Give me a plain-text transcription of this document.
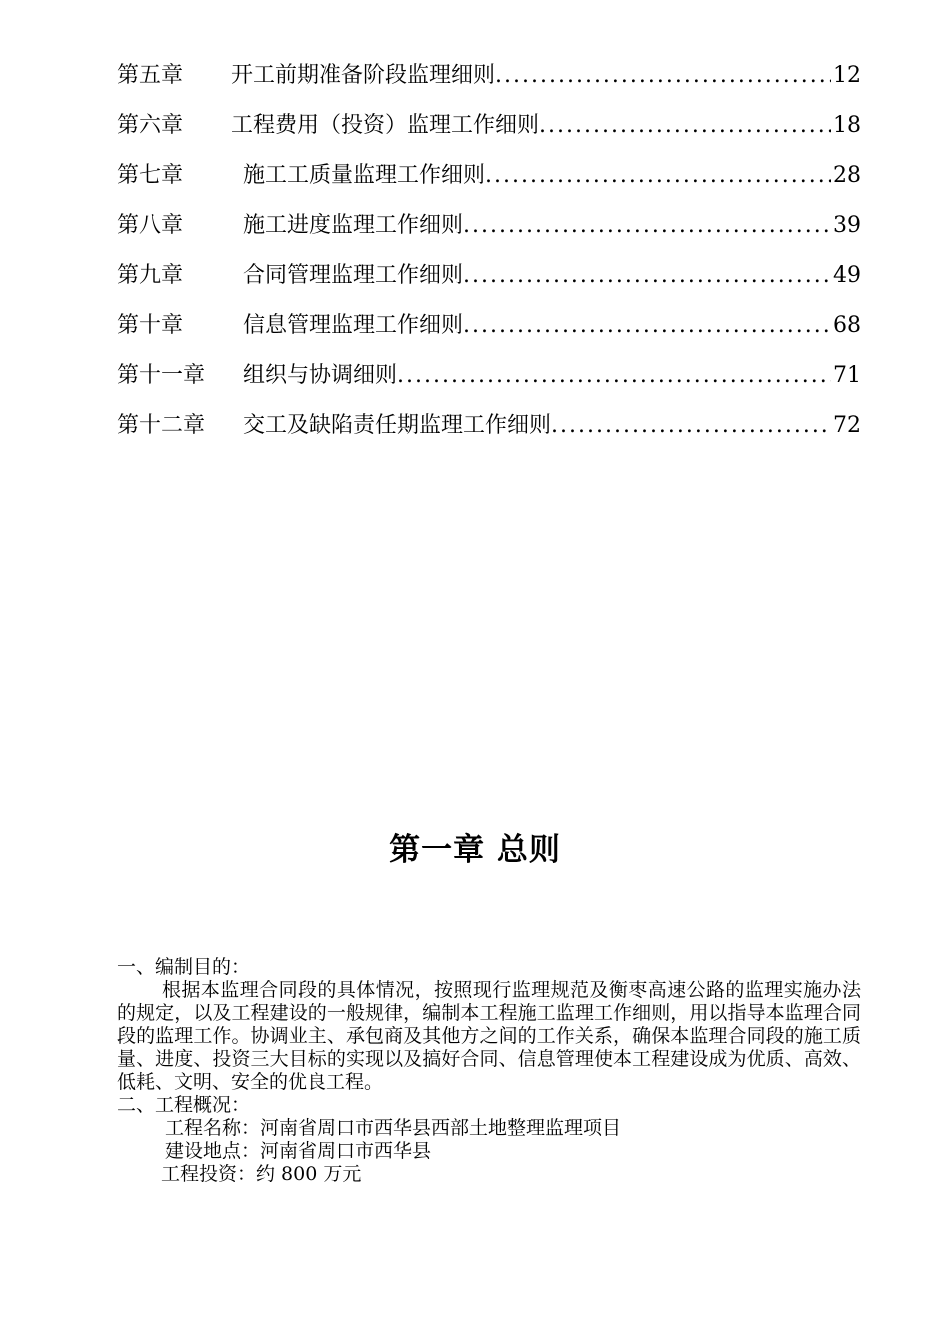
第五章	开工前期准备阶段监理细则 .....	12
第六章	工程费用（投资）监理工作细则 .....	18
第七章	施工工质量监理工作细则 .....	28
第八章	施工进度监理工作细则 .....	39
第九章	合同管理监理工作细则 .....	49
第十章	信息管理监理工作细则 .....	68
第十一章	组织与协调细则 .....	71
第十二章	交工及缺陷责任期监理工作细则 .....	72
第一章 总则
一、编制目的：

根据本监理合同段的具体情况，按照现行监理规范及衡枣高速公路的监理实施办法的规定，以及工程建设的一般规律，编制本工程施工监理工作细则，用以指导本监理合同段的监理工作。协调业主、承包商及其他方之间的工作关系，确保本监理合同段的施工质量、进度、投资三大目标的实现以及搞好合同、信息管理使本工程建设成为优质、高效、低耗、文明、安全的优良工程。

二、工程概况：
工程名称：河南省周口市西华县西部土地整理监理项目
建设地点：河南省周口市西华县
工程投资：约 800 万元
